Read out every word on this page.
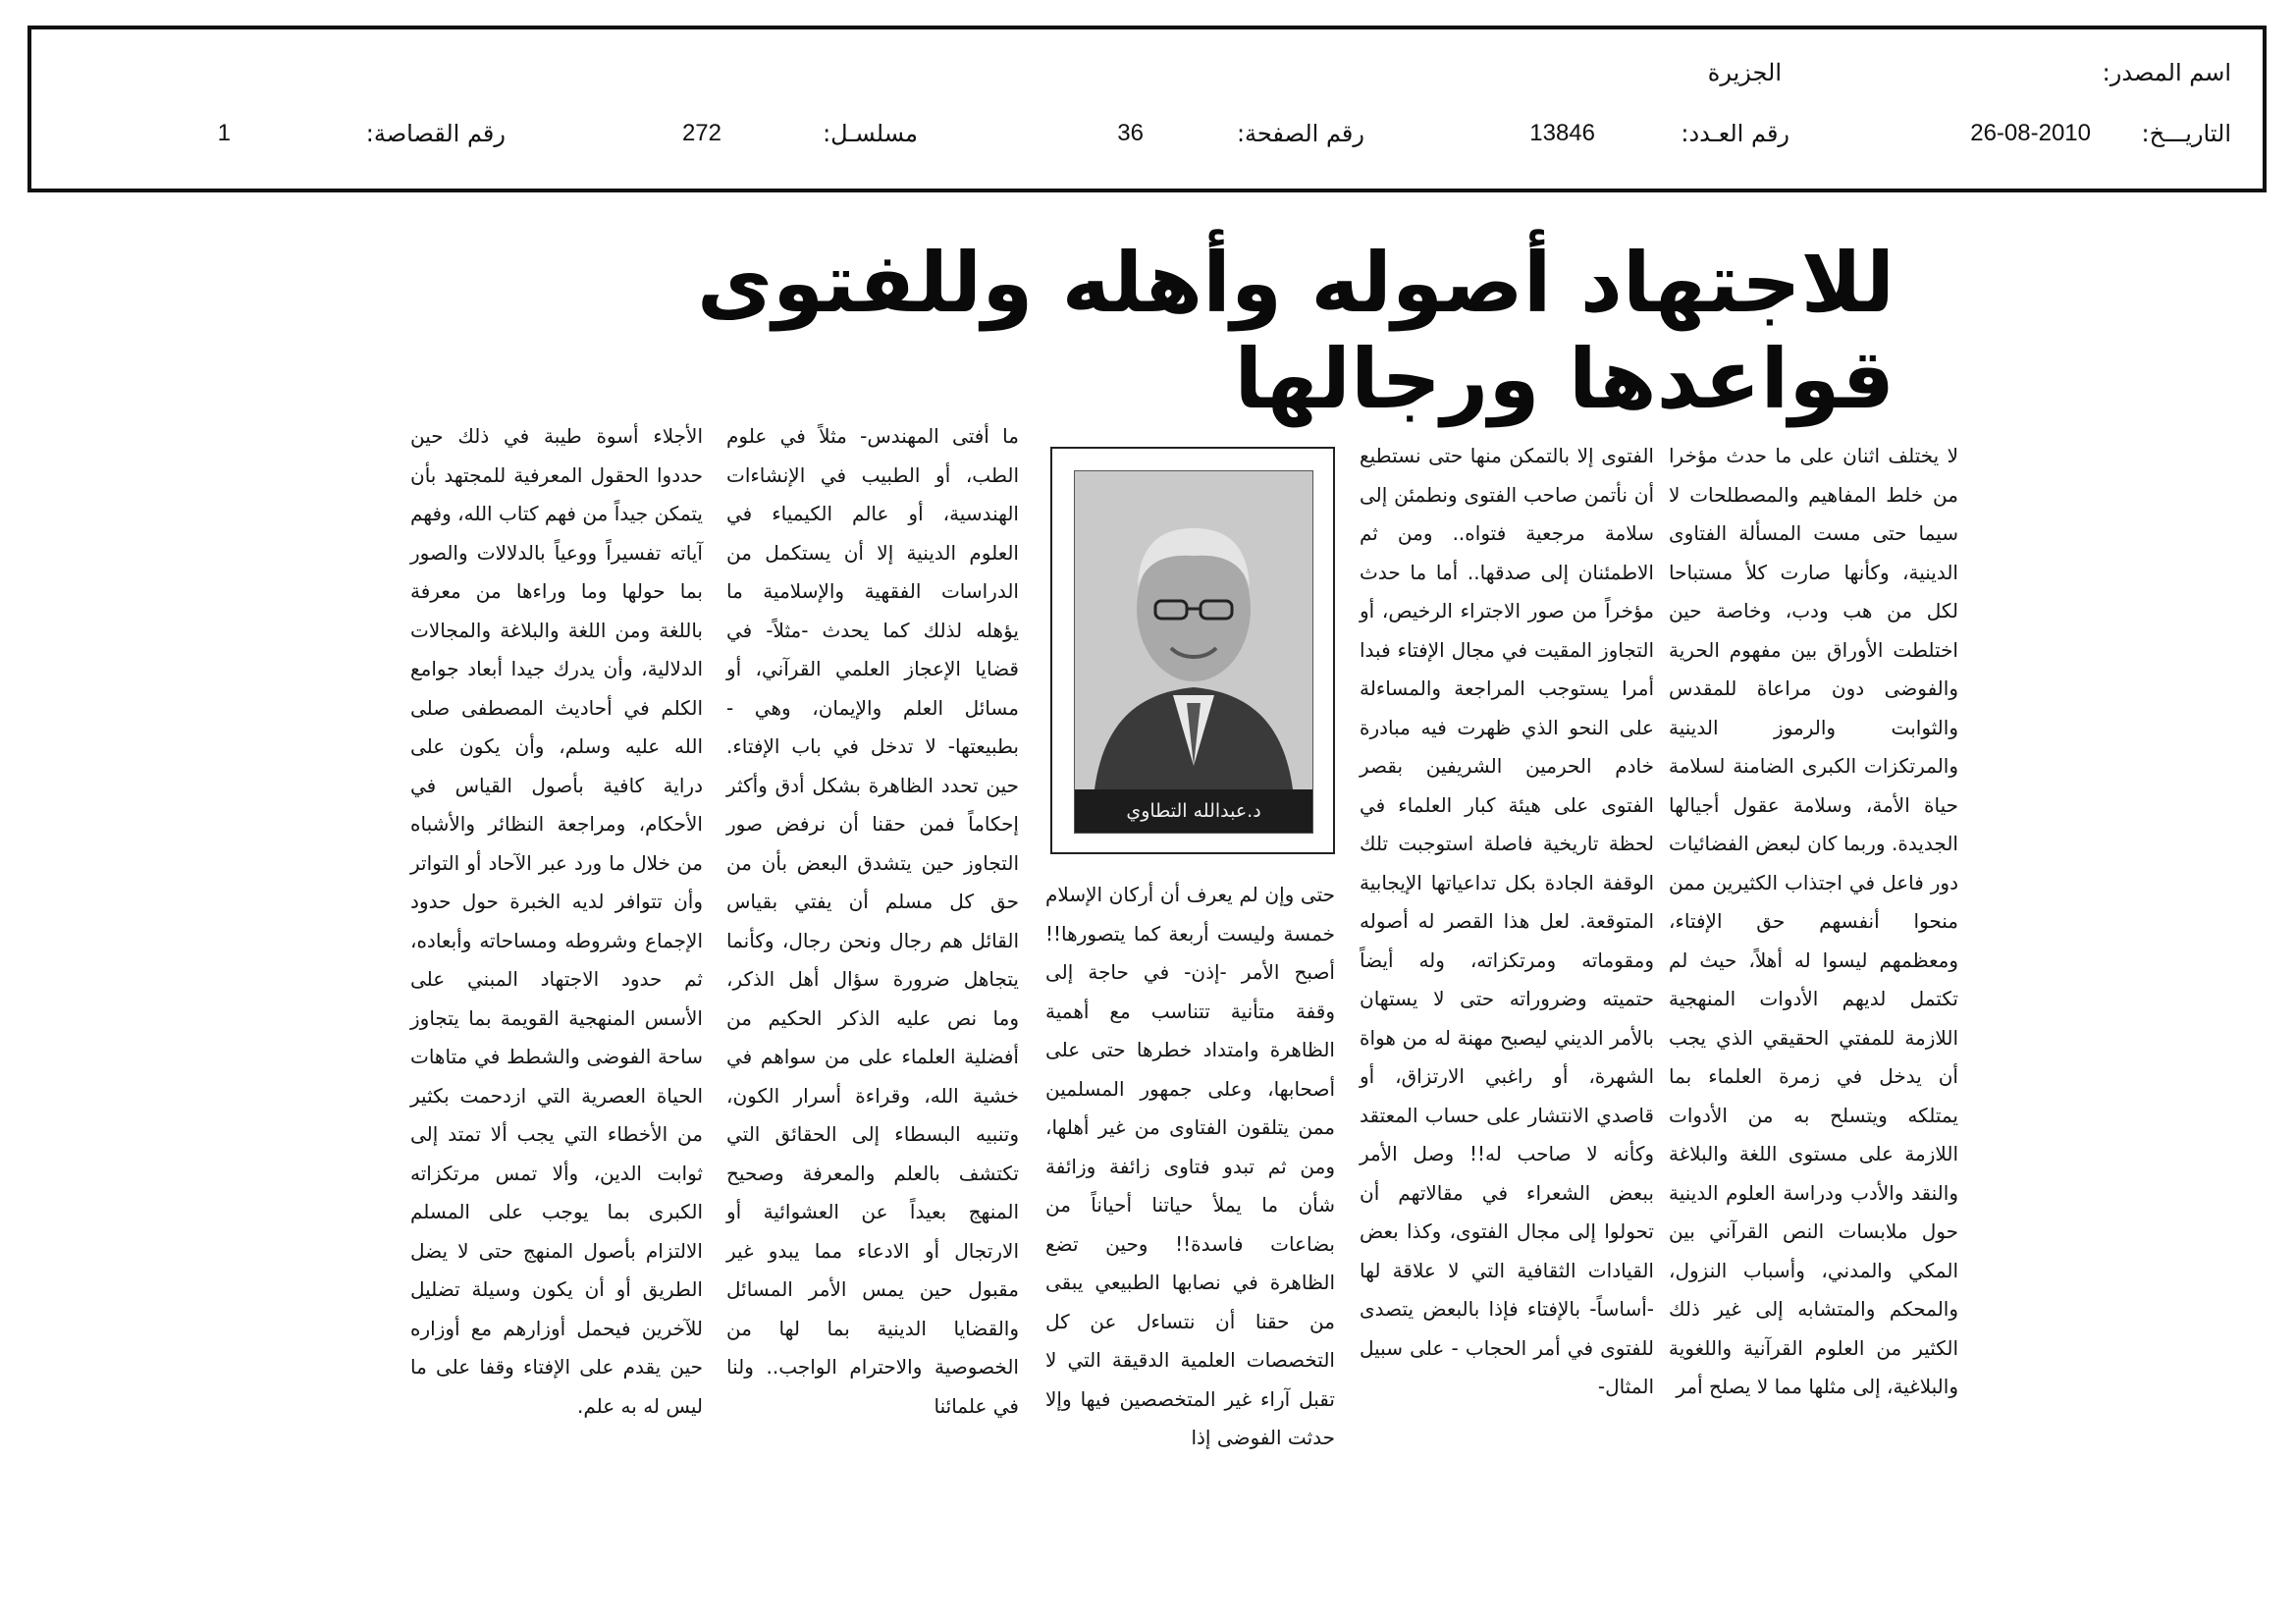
اسم المصدر:
الجزيرة
التاريـــخ:
26-08-2010
رقم العـدد:
13846
رقم الصفحة:
36
مسلسـل:
272
رقم القصاصة:
1
للاجتهاد أصوله وأهله وللفتوى قواعدها ورجالها

لا يختلف اثنان على ما حدث مؤخرا من خلط المفاهيم والمصطلحات لا سيما حتى مست المسألة الفتاوى الدينية، وكأنها صارت كلأ مستباحا لكل من هب ودب، وخاصة حين اختلطت الأوراق بين مفهوم الحرية والفوضى دون مراعاة للمقدس والثوابت والرموز الدينية والمرتكزات الكبرى الضامنة لسلامة حياة الأمة، وسلامة عقول أجيالها الجديدة. وربما كان لبعض الفضائيات دور فاعل في اجتذاب الكثيرين ممن منحوا أنفسهم حق الإفتاء، ومعظمهم ليسوا له أهلاً، حيث لم تكتمل لديهم الأدوات المنهجية اللازمة للمفتي الحقيقي الذي يجب أن يدخل في زمرة العلماء بما يمتلكه ويتسلح به من الأدوات اللازمة على مستوى اللغة والبلاغة والنقد والأدب ودراسة العلوم الدينية حول ملابسات النص القرآني بين المكي والمدني، وأسباب النزول، والمحكم والمتشابه إلى غير ذلك الكثير من العلوم القرآنية واللغوية والبلاغية، إلى مثلها مما لا يصلح أمر

الفتوى إلا بالتمكن منها حتى نستطيع أن نأتمن صاحب الفتوى ونطمئن إلى سلامة مرجعية فتواه.. ومن ثم الاطمئنان إلى صدقها.. أما ما حدث مؤخراً من صور الاجتراء الرخيص، أو التجاوز المقيت في مجال الإفتاء فبدا أمرا يستوجب المراجعة والمساءلة على النحو الذي ظهرت فيه مبادرة خادم الحرمين الشريفين بقصر الفتوى على هيئة كبار العلماء في لحظة تاريخية فاصلة استوجبت تلك الوقفة الجادة بكل تداعياتها الإيجابية المتوقعة. لعل هذا القصر له أصوله ومقوماته ومرتكزاته، وله أيضاً حتميته وضروراته حتى لا يستهان بالأمر الديني ليصبح مهنة له من هواة الشهرة، أو راغبي الارتزاق، أو قاصدي الانتشار على حساب المعتقد وكأنه لا صاحب له!! وصل الأمر ببعض الشعراء في مقالاتهم أن تحولوا إلى مجال الفتوى، وكذا بعض القيادات الثقافية التي لا علاقة لها -أساساً- بالإفتاء فإذا بالبعض يتصدى للفتوى في أمر الحجاب - على سبيل المثال-

د.عبدالله التطاوي

حتى وإن لم يعرف أن أركان الإسلام خمسة وليست أربعة كما يتصورها!! أصبح الأمر -إذن- في حاجة إلى وقفة متأنية تتناسب مع أهمية الظاهرة وامتداد خطرها حتى على أصحابها، وعلى جمهور المسلمين ممن يتلقون الفتاوى من غير أهلها، ومن ثم تبدو فتاوى زائفة وزائفة شأن ما يملأ حياتنا أحياناً من بضاعات فاسدة!! وحين تضع الظاهرة في نصابها الطبيعي يبقى من حقنا أن نتساءل عن كل التخصصات العلمية الدقيقة التي لا تقبل آراء غير المتخصصين فيها وإلا حدثت الفوضى إذا

ما أفتى المهندس- مثلاً في علوم الطب، أو الطبيب في الإنشاءات الهندسية، أو عالم الكيمياء في العلوم الدينية إلا أن يستكمل من الدراسات الفقهية والإسلامية ما يؤهله لذلك كما يحدث -مثلاً- في قضايا الإعجاز العلمي القرآني، أو مسائل العلم والإيمان، وهي - بطبيعتها- لا تدخل في باب الإفتاء. حين تحدد الظاهرة بشكل أدق وأكثر إحكاماً فمن حقنا أن نرفض صور التجاوز حين يتشدق البعض بأن من حق كل مسلم أن يفتي بقياس القائل هم رجال ونحن رجال، وكأنما يتجاهل ضرورة سؤال أهل الذكر، وما نص عليه الذكر الحكيم من أفضلية العلماء على من سواهم في خشية الله، وقراءة أسرار الكون، وتنبيه البسطاء إلى الحقائق التي تكتشف بالعلم والمعرفة وصحيح المنهج بعيداً عن العشوائية أو الارتجال أو الادعاء مما يبدو غير مقبول حين يمس الأمر المسائل والقضايا الدينية بما لها من الخصوصية والاحترام الواجب.. ولنا في علمائنا

الأجلاء أسوة طيبة في ذلك حين حددوا الحقول المعرفية للمجتهد بأن يتمكن جيداً من فهم كتاب الله، وفهم آياته تفسيراً ووعياً بالدلالات والصور بما حولها وما وراءها من معرفة باللغة ومن اللغة والبلاغة والمجالات الدلالية، وأن يدرك جيدا أبعاد جوامع الكلم في أحاديث المصطفى صلى الله عليه وسلم، وأن يكون على دراية كافية بأصول القياس في الأحكام، ومراجعة النظائر والأشباه من خلال ما ورد عبر الآحاد أو التواتر وأن تتوافر لديه الخبرة حول حدود الإجماع وشروطه ومساحاته وأبعاده، ثم حدود الاجتهاد المبني على الأسس المنهجية القويمة بما يتجاوز ساحة الفوضى والشطط في متاهات الحياة العصرية التي ازدحمت بكثير من الأخطاء التي يجب ألا تمتد إلى ثوابت الدين، وألا تمس مرتكزاته الكبرى بما يوجب على المسلم الالتزام بأصول المنهج حتى لا يضل الطريق أو أن يكون وسيلة تضليل للآخرين فيحمل أوزارهم مع أوزاره حين يقدم على الإفتاء وقفا على ما ليس له به علم.
